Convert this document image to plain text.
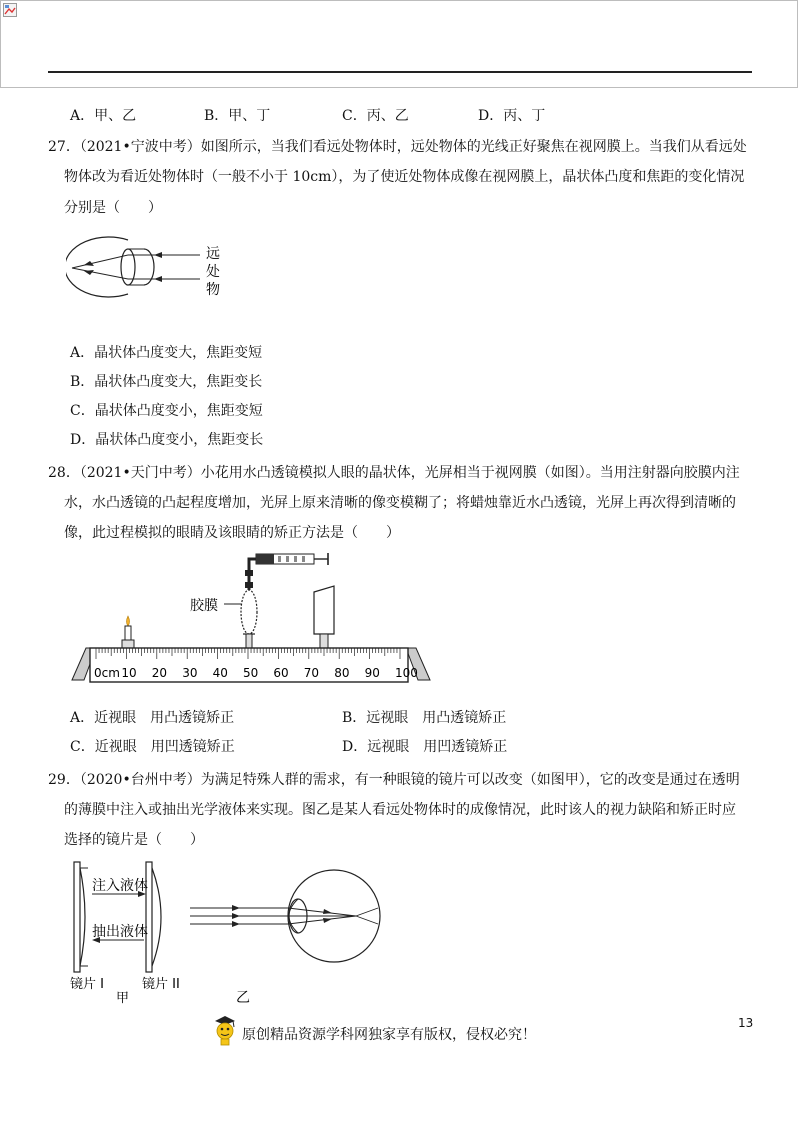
A．甲、乙	B．甲、丁	C．丙、乙	D．丙、丁
27．（2021•宁波中考）如图所示，当我们看远处物体时，远处物体的光线正好聚焦在视网膜上。当我们从看远处
物体改为看近处物体时（一般不小于 10cm），为了使近处物体成像在视网膜上，晶状体凸度和焦距的变化情况
分别是（　　）
远
处
物
A．晶状体凸度变大，焦距变短
B．晶状体凸度变大，焦距变长
C．晶状体凸度变小，焦距变短
D．晶状体凸度变小，焦距变长
28．（2021•天门中考）小花用水凸透镜模拟人眼的晶状体，光屏相当于视网膜（如图）。当用注射器向胶膜内注
水，水凸透镜的凸起程度增加，光屏上原来清晰的像变模糊了；将蜡烛靠近水凸透镜，光屏上再次得到清晰的
像，此过程模拟的眼睛及该眼睛的矫正方法是（　　）
胶膜
0cm 10 20 30 40 50 60 70 80 90 100
A．近视眼　用凸透镜矫正	B．远视眼　用凸透镜矫正
C．近视眼　用凹透镜矫正	D．远视眼　用凹透镜矫正
29．（2020•台州中考）为满足特殊人群的需求，有一种眼镜的镜片可以改变（如图甲），它的改变是通过在透明
的薄膜中注入或抽出光学液体来实现。图乙是某人看远处物体时的成像情况，此时该人的视力缺陷和矫正时应
选择的镜片是（　　）
注入液体
抽出液体
镜片 I	镜片 II
甲	乙
原创精品资源学科网独家享有版权，侵权必究！
13
